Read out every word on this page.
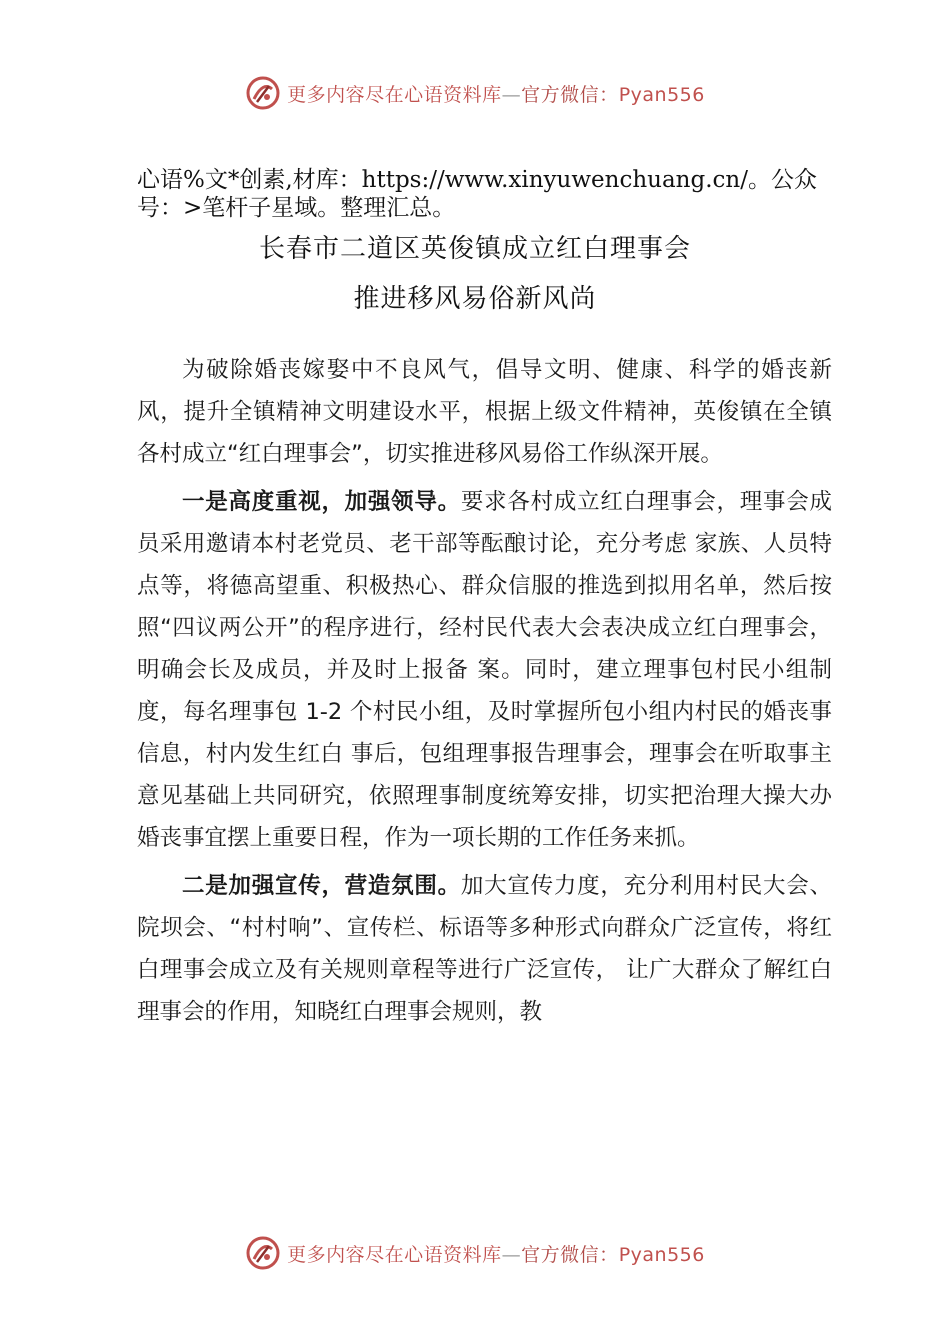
更多内容尽在心语资料库—官方微信：Pyan556
心语%文*创素,材库：https://www.xinyuwenchuang.cn/。公众号：>笔杆子星域。整理汇总。
长春市二道区英俊镇成立红白理事会
推进移风易俗新风尚

为破除婚丧嫁娶中不良风气，倡导文明、健康、科学的婚丧新风，提升全镇精神文明建设水平，根据上级文件精神，英俊镇在全镇各村成立“红白理事会”，切实推进移风易俗工作纵深开展。

一是高度重视，加强领导。要求各村成立红白理事会，理事会成员采用邀请本村老党员、老干部等酝酿讨论，充分考虑 家族、人员特点等，将德高望重、积极热心、群众信服的推选到拟用名单，然后按照“四议两公开”的程序进行，经村民代表大会表决成立红白理事会，明确会长及成员，并及时上报备 案。同时，建立理事包村民小组制度，每名理事包 1-2 个村民小组，及时掌握所包小组内村民的婚丧事信息，村内发生红白 事后，包组理事报告理事会，理事会在听取事主意见基础上共同研究，依照理事制度统筹安排，切实把治理大操大办婚丧事宜摆上重要日程，作为一项长期的工作任务来抓。

二是加强宣传，营造氛围。加大宣传力度，充分利用村民大会、院坝会、“村村响”、宣传栏、标语等多种形式向群众广泛宣传，将红白理事会成立及有关规则章程等进行广泛宣传， 让广大群众了解红白理事会的作用，知晓红白理事会规则，教

更多内容尽在心语资料库—官方微信：Pyan556
